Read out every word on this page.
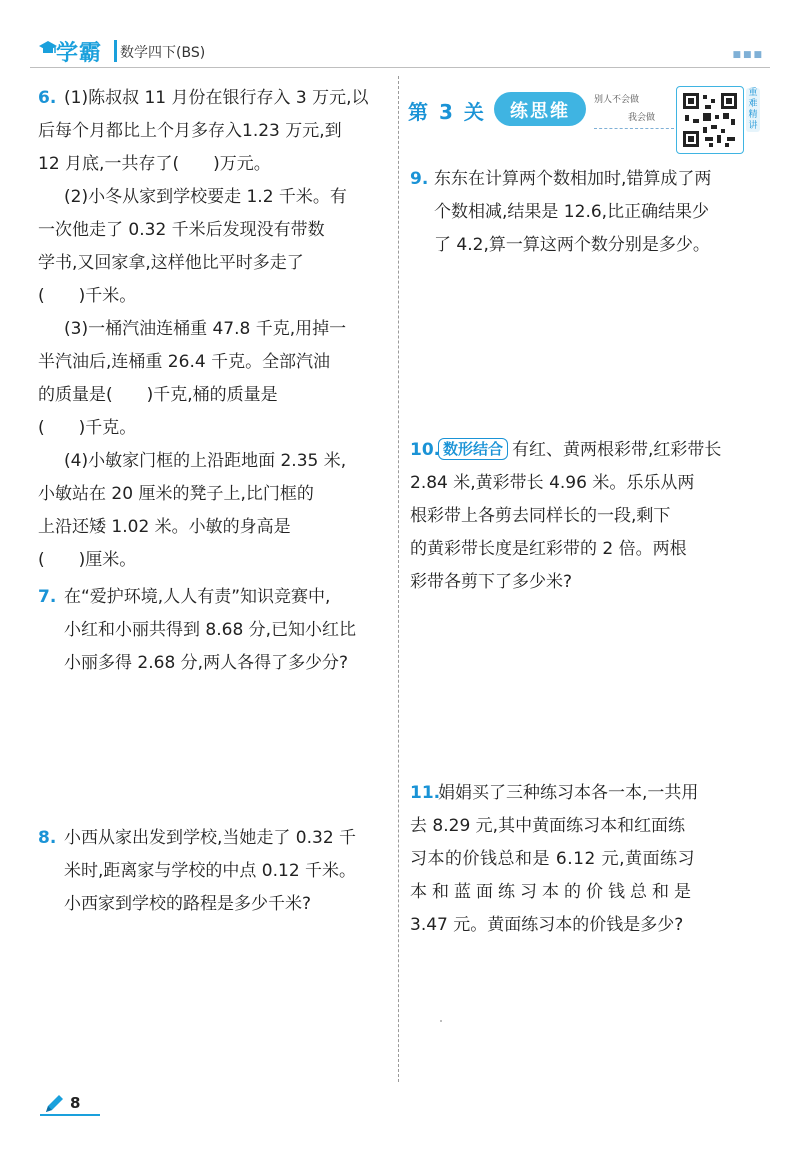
学霸 数学四下(BS)	■■■
6. (1)陈叔叔 11 月份在银行存入 3 万元,以
后每个月都比上个月多存入1.23 万元,到
12 月底,一共存了(　　)万元。
(2)小冬从家到学校要走 1.2 千米。有
一次他走了 0.32 千米后发现没有带数
学书,又回家拿,这样他比平时多走了
(　　)千米。
(3)一桶汽油连桶重 47.8 千克,用掉一
半汽油后,连桶重 26.4 千克。全部汽油
的质量是(　　)千克,桶的质量是
(　　)千克。
(4)小敏家门框的上沿距地面 2.35 米,
小敏站在 20 厘米的凳子上,比门框的
上沿还矮 1.02 米。小敏的身高是
(　　)厘米。
7. 在“爱护环境,人人有责”知识竞赛中,
小红和小丽共得到 8.68 分,已知小红比
小丽多得 2.68 分,两人各得了多少分?
8. 小西从家出发到学校,当她走了 0.32 千
米时,距离家与学校的中点 0.12 千米。
小西家到学校的路程是多少千米?
第 3 关	练思维
别人不会做
我会做
重难精讲
9. 东东在计算两个数相加时,错算成了两
个数相减,结果是 12.6,比正确结果少
了 4.2,算一算这两个数分别是多少。
10. 数形结合 有红、黄两根彩带,红彩带长
2.84 米,黄彩带长 4.96 米。乐乐从两
根彩带上各剪去同样长的一段,剩下
的黄彩带长度是红彩带的 2 倍。两根
彩带各剪下了多少米?
11.
娟娟买了三种练习本各一本,一共用
去 8.29 元,其中黄面练习本和红面练
习本的价钱总和是 6.12 元,黄面练习
本和蓝面练习本的价钱总和是
3.47 元。黄面练习本的价钱是多少?
8
